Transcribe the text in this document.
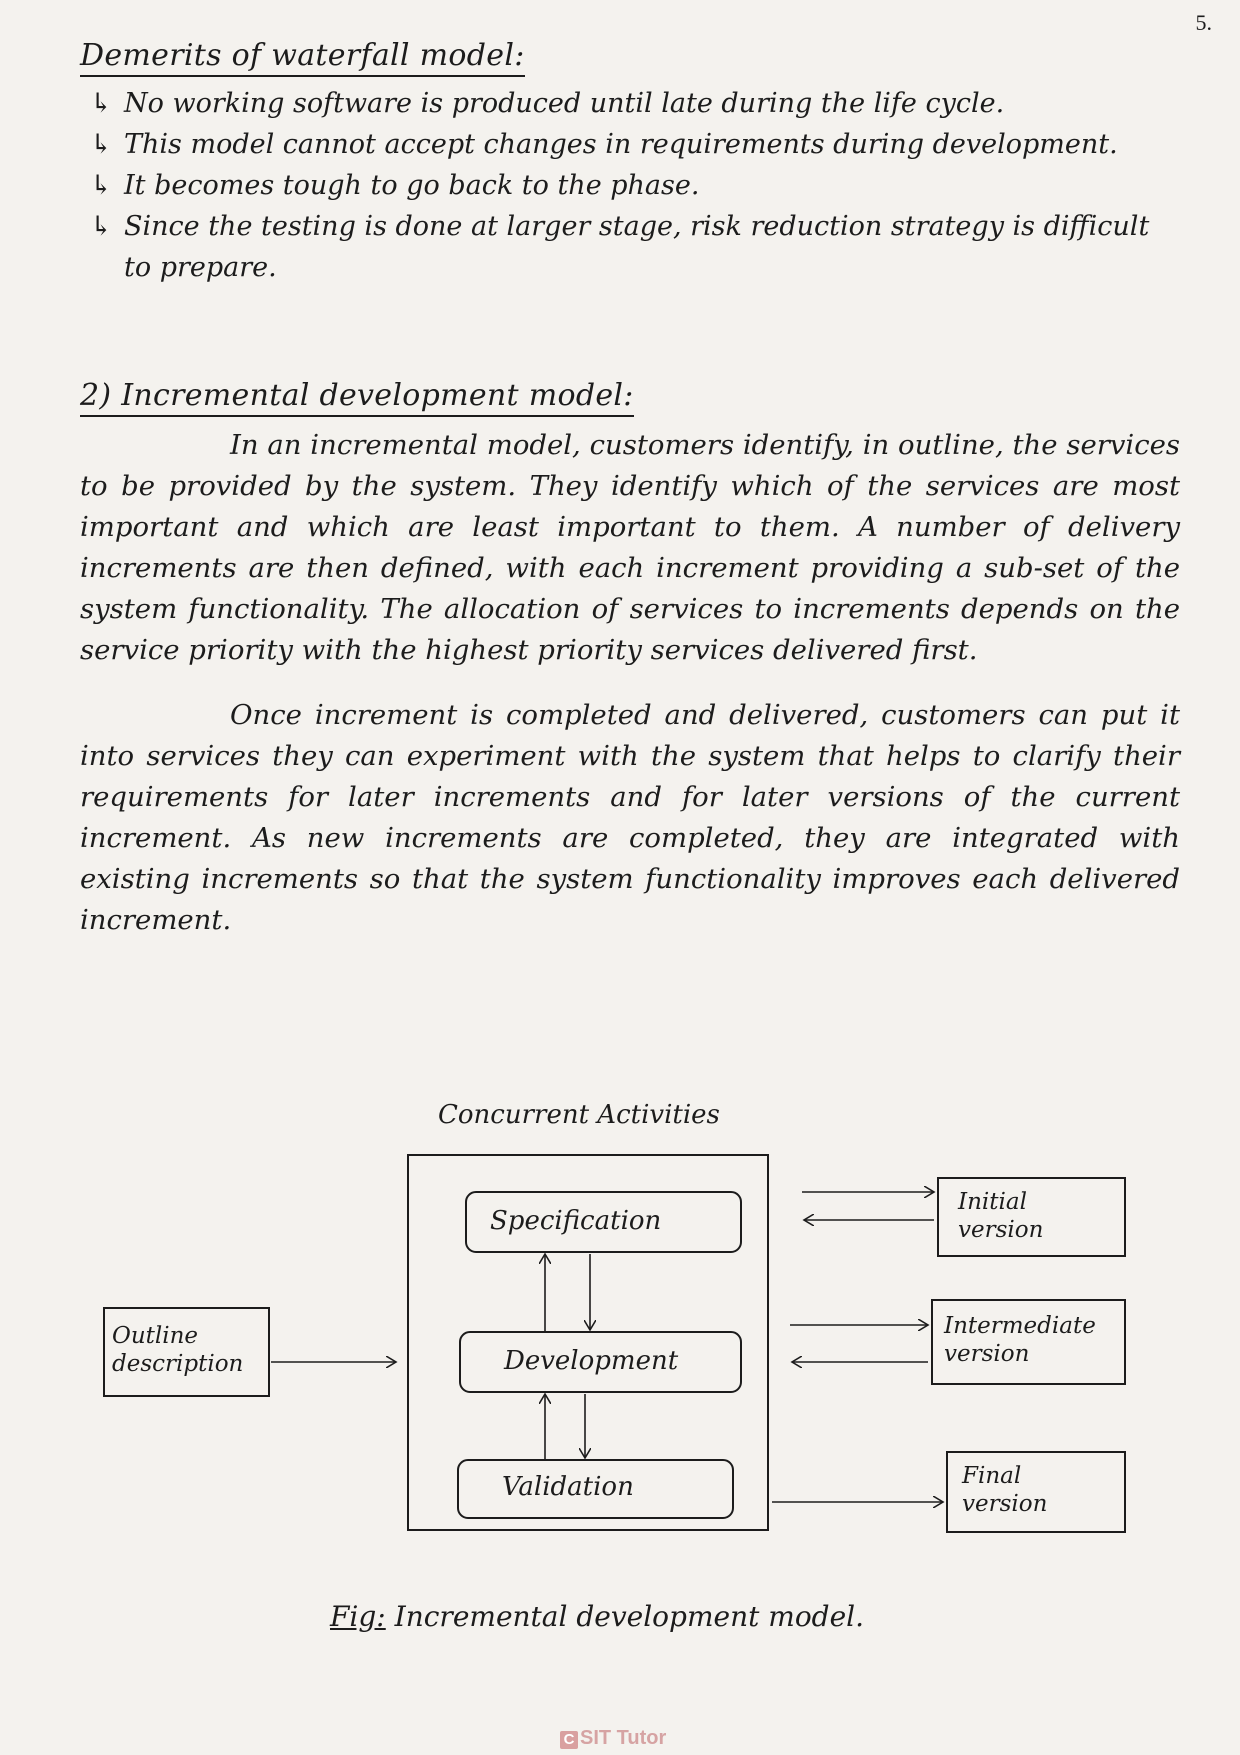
5.
Demerits of waterfall model:
↳ No working software is produced until late during the life cycle.
↳ This model cannot accept changes in requirements during development.
↳ It becomes tough to go back to the phase.
↳ Since the testing is done at larger stage, risk reduction strategy is difficult to prepare.
2) Incremental development model:

In an incremental model, customers identify, in outline, the services to be provided by the system. They identify which of the services are most important and which are least important to them. A number of delivery increments are then defined, with each increment providing a sub-set of the system functionality. The allocation of services to increments depends on the service priority with the highest priority services delivered first.

Once increment is completed and delivered, customers can put it into services they can experiment with the system that helps to clarify their requirements for later increments and for later versions of the current increment. As new increments are completed, they are integrated with existing increments so that the system functionality improves each delivered increment.

Concurrent Activities
Specification
Development
Validation
Outline
description
Initial
version
Intermediate
version
Final
version
Fig: Incremental development model.
C SIT Tutor
